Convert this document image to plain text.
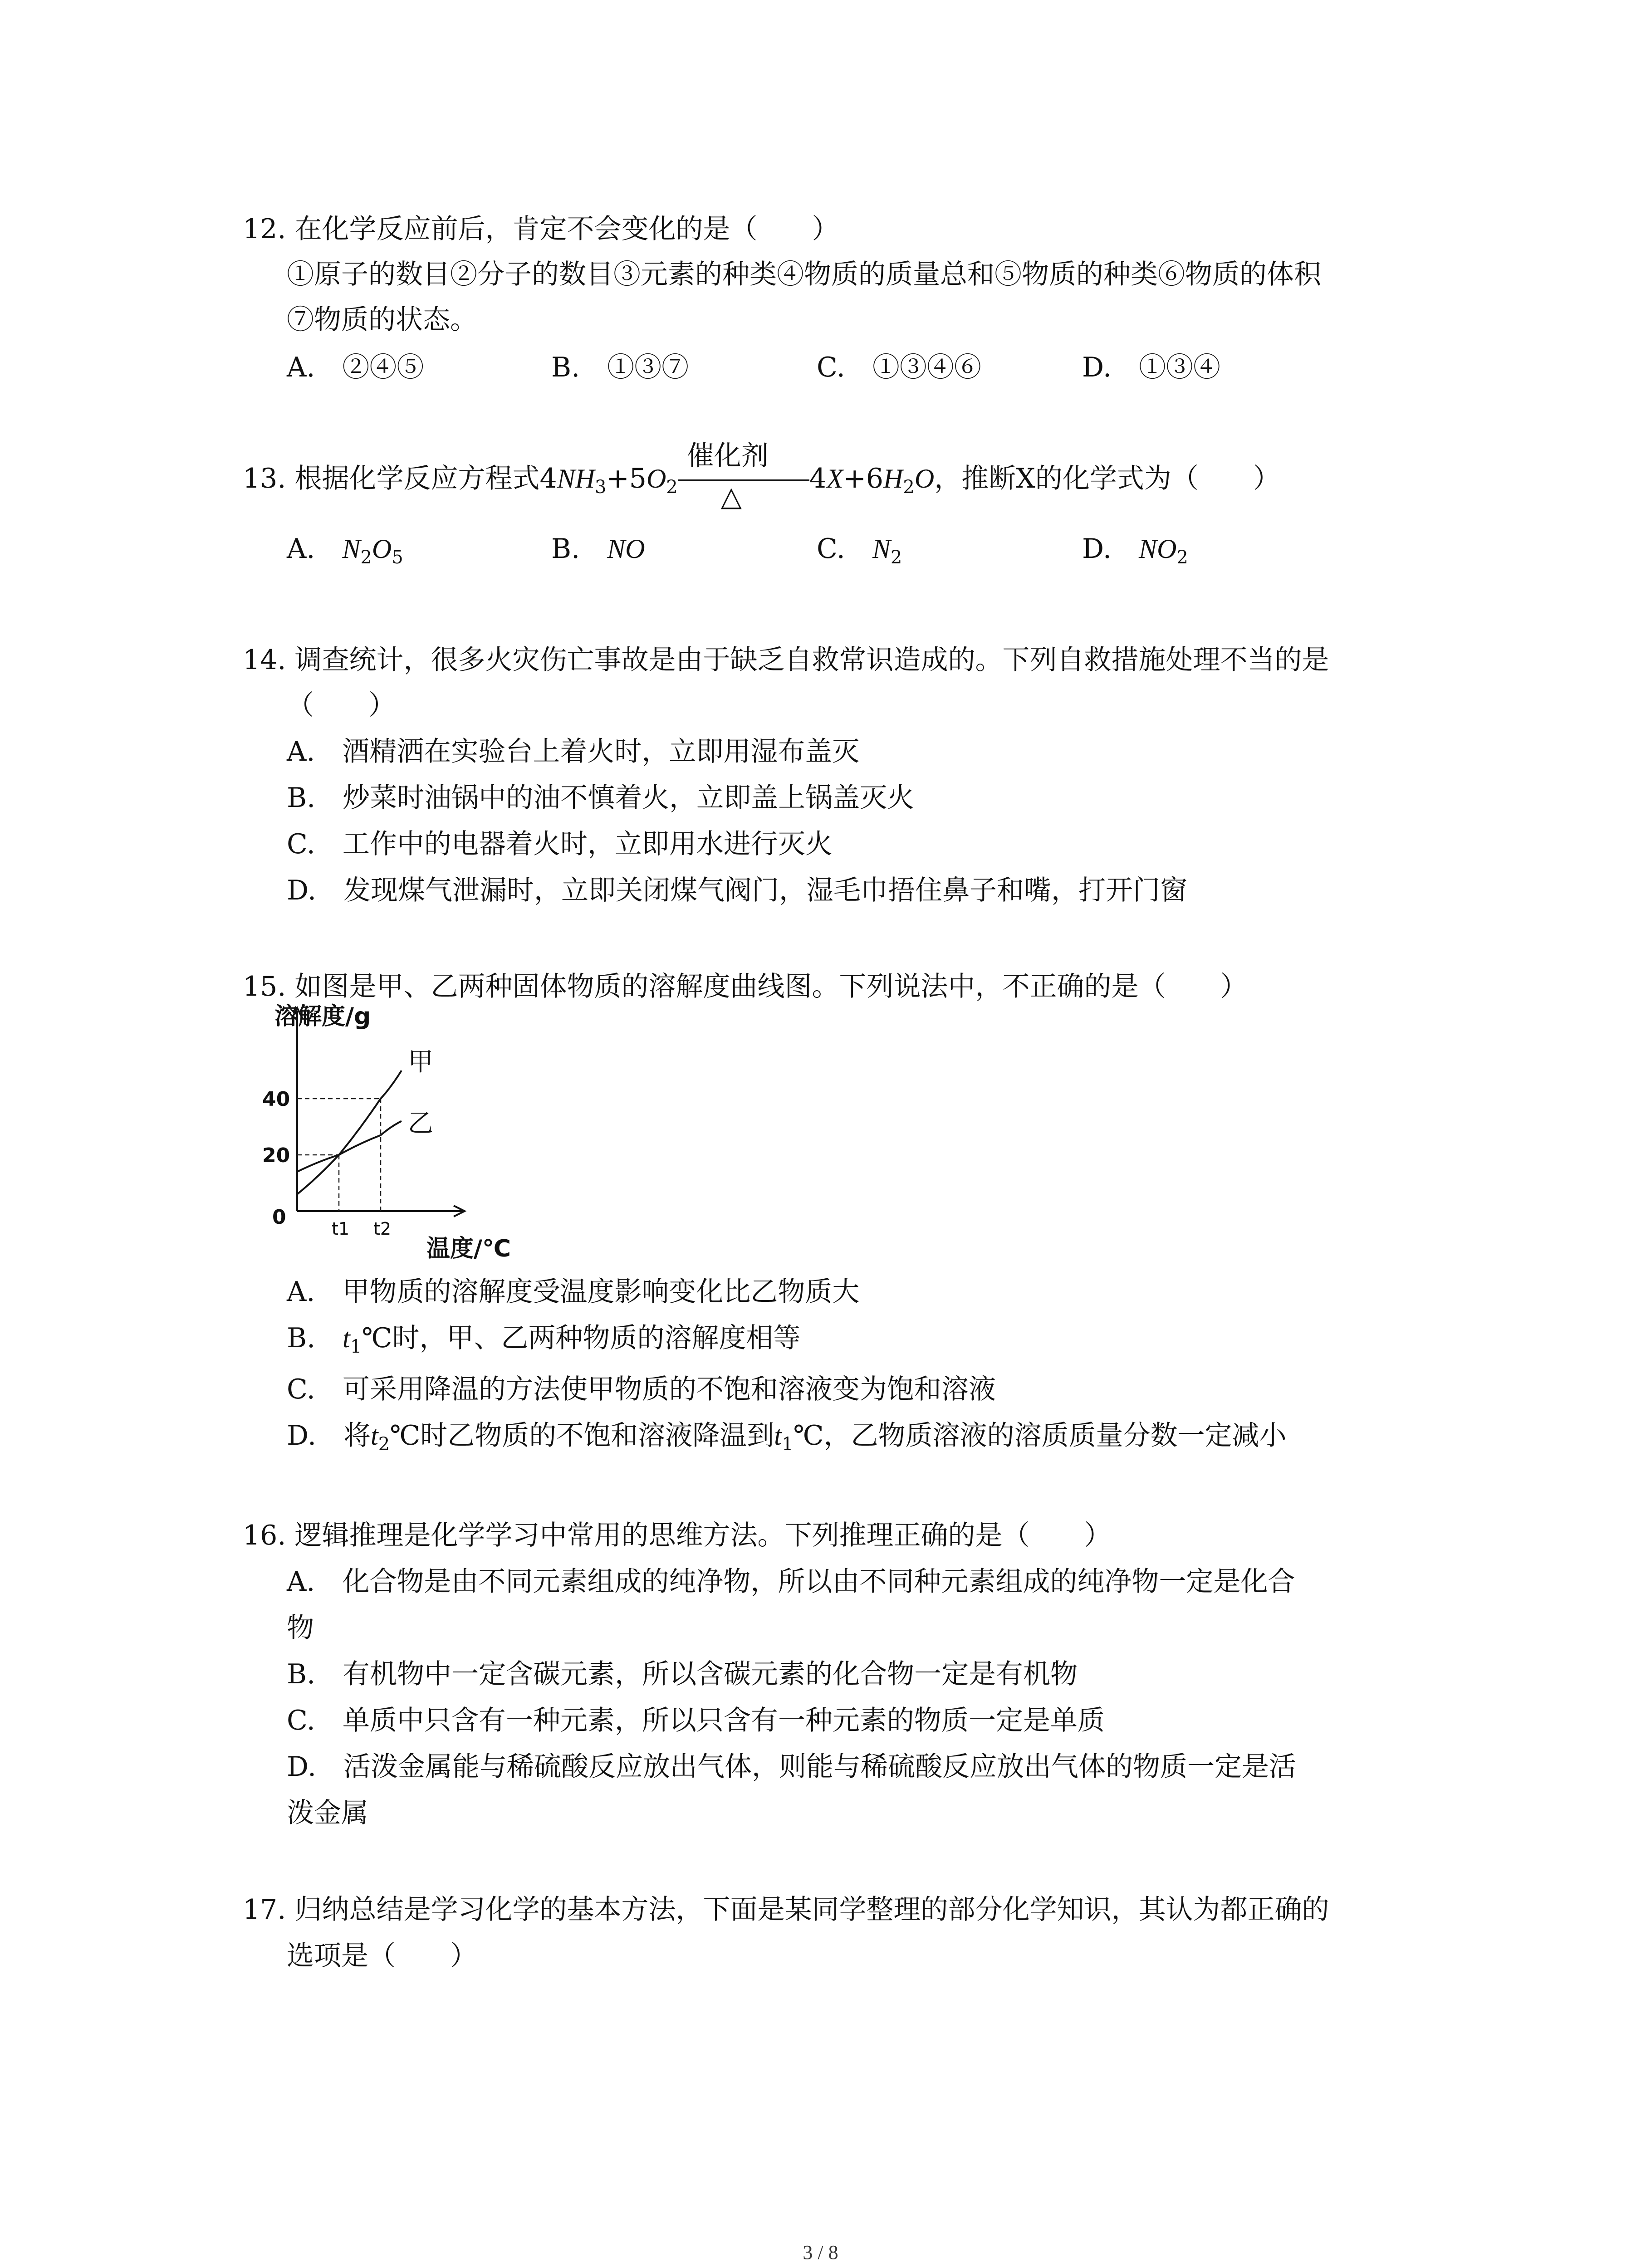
12. 在化学反应前后，肯定不会变化的是（　　）
①原子的数目②分子的数目③元素的种类④物质的质量总和⑤物质的种类⑥物质的体积
⑦物质的状态。
A.　②④⑤	B.　①③⑦	C.　①③④⑥	D.　①③④
13. 根据化学反应方程式$4NH_3+5O_2 \frac{\text{催化剂}}{\triangle} 4X+6H_2O$，推断X的化学式为（　　）
A.　 $N_2O_5$	B.　 NO	C.　 $N_2$	D.　 $NO_2$
14. 调查统计，很多火灾伤亡事故是由于缺乏自救常识造成的。下列自救措施处理不当的是
（　　）
A.　酒精洒在实验台上着火时，立即用湿布盖灭
B.　炒菜时油锅中的油不慎着火，立即盖上锅盖灭火
C.　工作中的电器着火时，立即用水进行灭火
D.　发现煤气泄漏时，立即关闭煤气阀门，湿毛巾捂住鼻子和嘴，打开门窗
15. 如图是甲、乙两种固体物质的溶解度曲线图。下列说法中，不正确的是（　　）
甲
乙
溶解度/g
温度/℃
0
20
40
t1 t2
A.　甲物质的溶解度受温度影响变化比乙物质大
B.　$t_1℃$时，甲、乙两种物质的溶解度相等
C.　可采用降温的方法使甲物质的不饱和溶液变为饱和溶液
D.　将$t_2℃$时乙物质的不饱和溶液降温到$t_1℃$，乙物质溶液的溶质质量分数一定减小
16. 逻辑推理是化学学习中常用的思维方法。下列推理正确的是（　　）
A.　化合物是由不同元素组成的纯净物，所以由不同种元素组成的纯净物一定是化合
物
B.　有机物中一定含碳元素，所以含碳元素的化合物一定是有机物
C.　单质中只含有一种元素，所以只含有一种元素的物质一定是单质
D.　活泼金属能与稀硫酸反应放出气体，则能与稀硫酸反应放出气体的物质一定是活
泼金属
17. 归纳总结是学习化学的基本方法，下面是某同学整理的部分化学知识，其认为都正确的
选项是（　　）
3 / 8
